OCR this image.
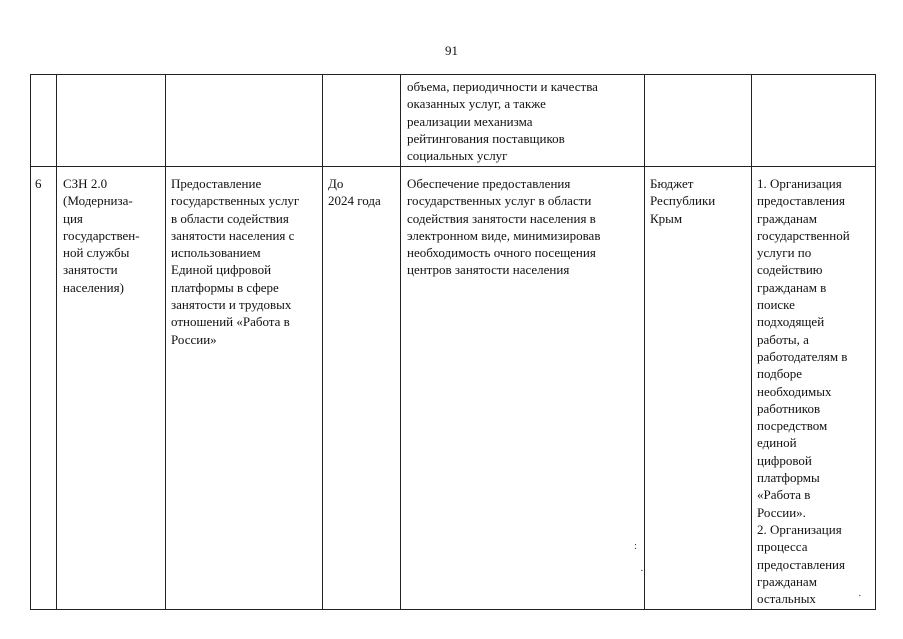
91
объема, периодичности и качества
оказанных услуг, а также
реализации механизма
рейтингования поставщиков
социальных услуг
6	СЗН 2.0
(Модерниза-
ция
государствен-
ной службы
занятости
населения)
Предоставление
государственных услуг
в области содействия
занятости населения с
использованием
Единой цифровой
платформы в сфере
занятости и трудовых
отношений «Работа в
России»
До
2024 года
Обеспечение предоставления
государственных услуг в области
содействия занятости населения в
электронном виде, минимизировав
необходимость очного посещения
центров занятости населения
Бюджет
Республики
Крым
1. Организация
предоставления
гражданам
государственной
услуги по
содействию
гражданам в
поиске
подходящей
работы, а
работодателям в
подборе
необходимых
работников
посредством
единой
цифровой
платформы
«Работа в
России».
2. Организация
процесса
предоставления
гражданам
остальных
:
·
·
